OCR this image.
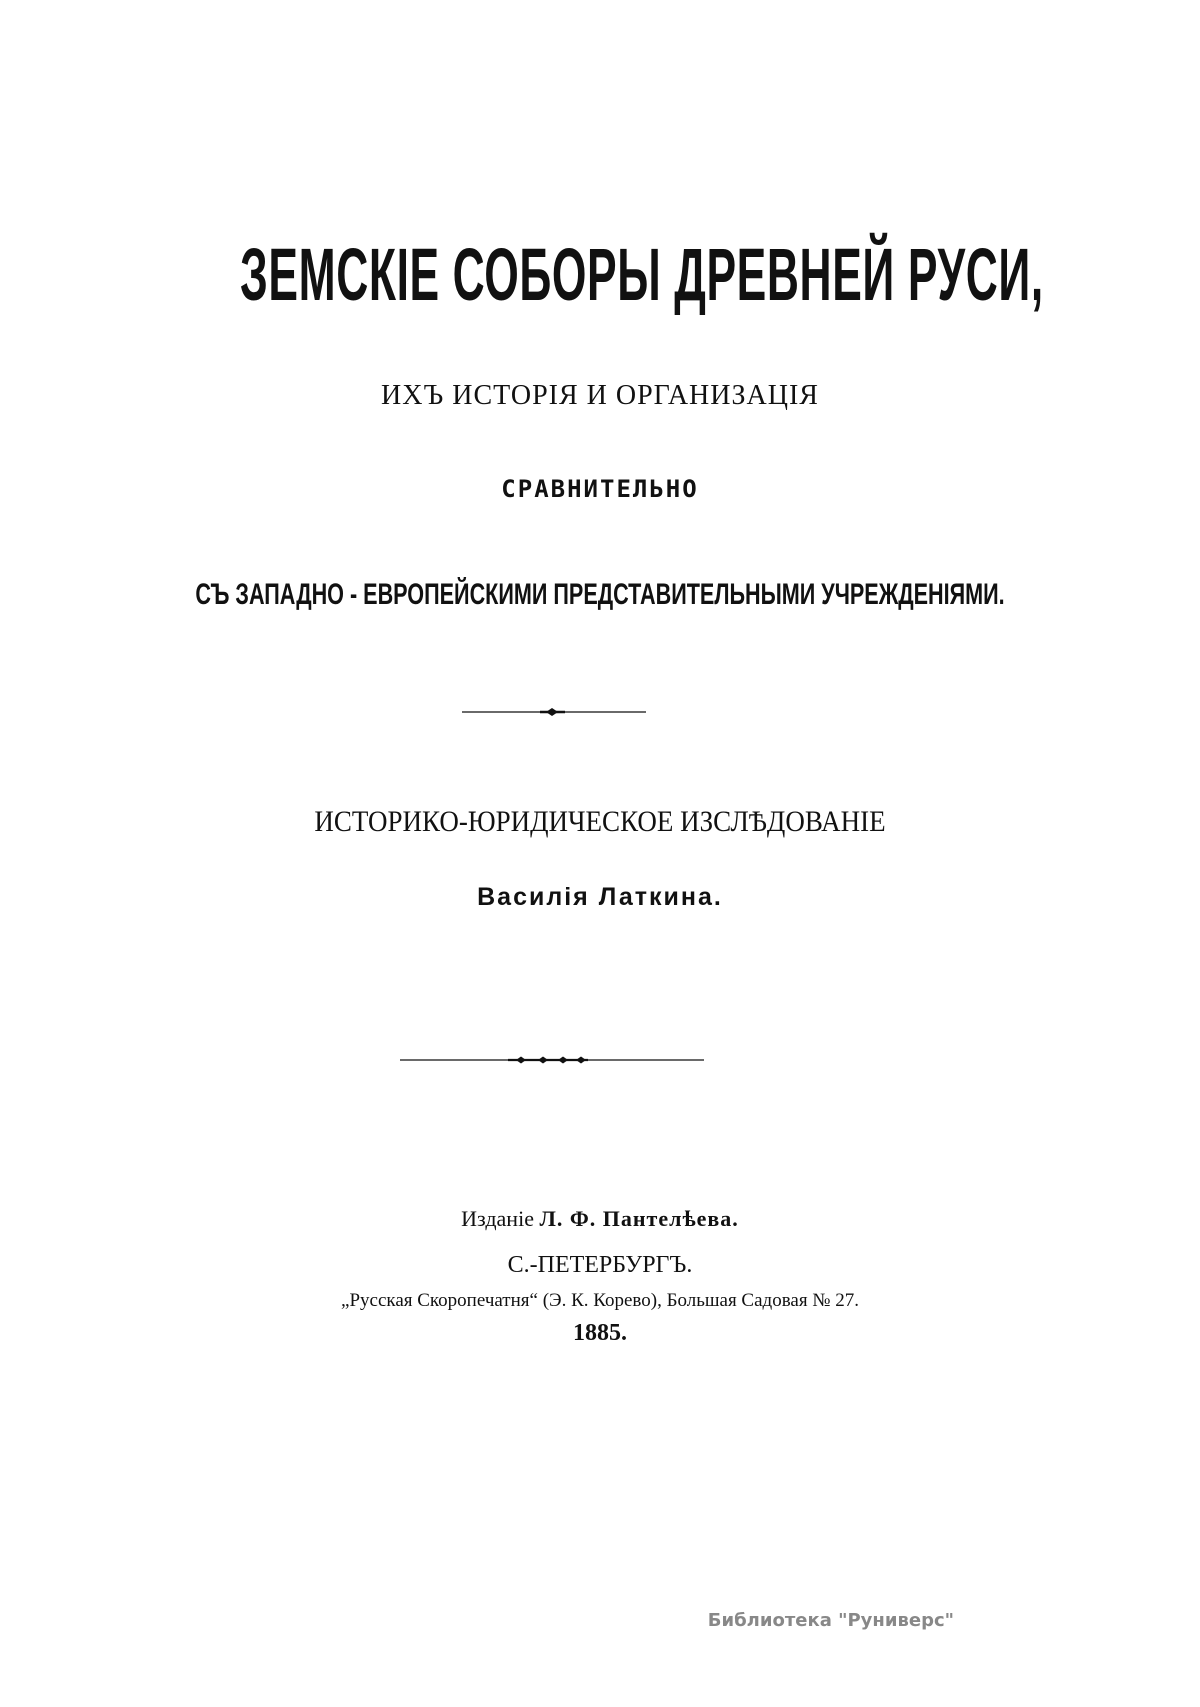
ЗЕМСКІЕ СОБОРЫ ДРЕВНЕЙ РУСИ,
ИХЪ ИСТОРІЯ И ОРГАНИЗАЦІЯ
СРАВНИТЕЛЬНО
СЪ ЗАПАДНО - ЕВРОПЕЙСКИМИ ПРЕДСТАВИТЕЛЬНЫМИ УЧРЕЖДЕНІЯМИ.
ИСТОРИКО-ЮРИДИЧЕСКОЕ ИЗСЛѢДОВАНІЕ
Василія Латкина.
Изданіе Л. Ф. Пантелѣева.
С.-ПЕТЕРБУРГЪ.
„Русская Скоропечатня“ (Э. К. Корево), Большая Садовая № 27.
1885.
Библиотека "Руниверс"
